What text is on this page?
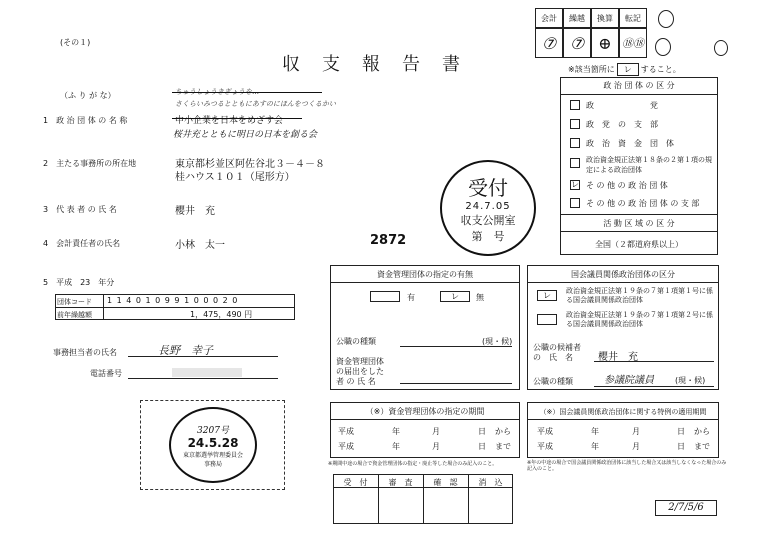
(その１)
収　支　報　告　書
会計	繰越	換算	転記
⑦ ⑦ ⊕ ⑱⑱
※該当箇所に レ すること。
（ふ り が な）	ちゅうしょうきぎょうを…
さくらいみつるとともにあすのにほんをつくるかい
1　政 治 団 体 の 名 称	中小企業を日本をめざす会
桜井充とともに明日の日本を創る会
2　主たる事務所の所在地	東京都杉並区阿佐谷北３－４－８
桂ハウス１０１（尾形方）
3　代 表 者 の 氏 名	櫻井　充
4　会計責任者の氏名	小林　太一	2872
5　平成　23　年分
団体コード 1 1 4 0 1 0 9 9 1 0 0 0 2 0
前年繰越額	1，475，490 円
事務担当者の氏名	長野　幸子
電話番号
3207号
24.5.28
東京都選挙管理委員会
事務局
受付
24.7.05
収支公開室
第　号
政 治 団 体 の 区 分
政　　　　　　　党
政　党　の　支　部
政　治　資　金　団　体
政治資金規正法第１８条の２第１項の規定による政治団体
レ そ の 他 の 政 治 団 体
そ の 他 の 政 治 団 体 の 支 部
活 動 区 域 の 区 分
全国（２都道府県以上）
資金管理団体の指定の有無
有	レ	無
公職の種類	(現・候)
資金管理団体
の届出をした
者 の 氏 名
国会議員関係政治団体の区分
レ	政治資金規正法第１９条の７第１項第１号に係る国会議員関係政治団体
政治資金規正法第１９条の７第１項第２号に係る国会議員関係政治団体
公職の候補者
の　氏　名	櫻井　充
公職の種類	参議院議員	(現・候)
（※）資金管理団体の指定の期間
平成	年	月	日 から
平成	年	月	日 まで
※期間中途の場合で資金管理団体の指定・廃止等した場合のみ記入のこと。
（※）国会議員関係政治団体に関する特例の適用期間
平成	年	月	日 から
平成	年	月	日 まで
※年の中途の場合で国会議員関係政治団体に該当した場合又は該当しなくなった場合のみ記入のこと。
受　付	審　査	確　認	消　込
2/7/5/6
